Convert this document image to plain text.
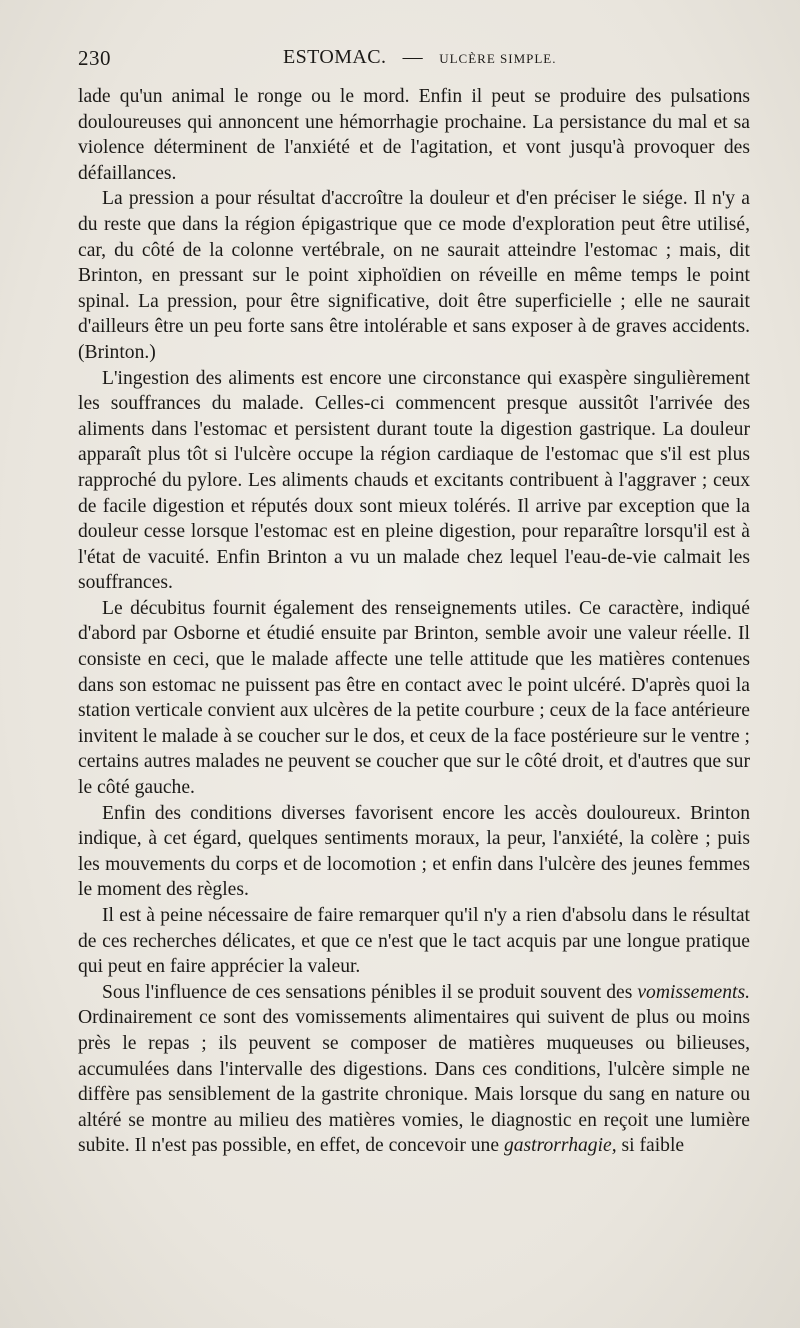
230	ESTOMAC. — ULCÈRE SIMPLE.

lade qu'un animal le ronge ou le mord. Enfin il peut se produire des pulsations douloureuses qui annoncent une hémorrhagie prochaine. La persistance du mal et sa violence déterminent de l'anxiété et de l'agitation, et vont jusqu'à provoquer des défaillances.

La pression a pour résultat d'accroître la douleur et d'en préciser le siége. Il n'y a du reste que dans la région épigastrique que ce mode d'exploration peut être utilisé, car, du côté de la colonne vertébrale, on ne saurait atteindre l'estomac ; mais, dit Brinton, en pressant sur le point xiphoïdien on réveille en même temps le point spinal. La pression, pour être significative, doit être superficielle ; elle ne saurait d'ailleurs être un peu forte sans être intolérable et sans exposer à de graves accidents. (Brinton.)

L'ingestion des aliments est encore une circonstance qui exaspère singulièrement les souffrances du malade. Celles-ci commencent presque aussitôt l'arrivée des aliments dans l'estomac et persistent durant toute la digestion gastrique. La douleur apparaît plus tôt si l'ulcère occupe la région cardiaque de l'estomac que s'il est plus rapproché du pylore. Les aliments chauds et excitants contribuent à l'aggraver ; ceux de facile digestion et réputés doux sont mieux tolérés. Il arrive par exception que la douleur cesse lorsque l'estomac est en pleine digestion, pour reparaître lorsqu'il est à l'état de vacuité. Enfin Brinton a vu un malade chez lequel l'eau-de-vie calmait les souffrances.

Le décubitus fournit également des renseignements utiles. Ce caractère, indiqué d'abord par Osborne et étudié ensuite par Brinton, semble avoir une valeur réelle. Il consiste en ceci, que le malade affecte une telle attitude que les matières contenues dans son estomac ne puissent pas être en contact avec le point ulcéré. D'après quoi la station verticale convient aux ulcères de la petite courbure ; ceux de la face antérieure invitent le malade à se coucher sur le dos, et ceux de la face postérieure sur le ventre ; certains autres malades ne peuvent se coucher que sur le côté droit, et d'autres que sur le côté gauche.

Enfin des conditions diverses favorisent encore les accès douloureux. Brinton indique, à cet égard, quelques sentiments moraux, la peur, l'anxiété, la colère ; puis les mouvements du corps et de locomotion ; et enfin dans l'ulcère des jeunes femmes le moment des règles.

Il est à peine nécessaire de faire remarquer qu'il n'y a rien d'absolu dans le résultat de ces recherches délicates, et que ce n'est que le tact acquis par une longue pratique qui peut en faire apprécier la valeur.

Sous l'influence de ces sensations pénibles il se produit souvent des vomissements. Ordinairement ce sont des vomissements alimentaires qui suivent de plus ou moins près le repas ; ils peuvent se composer de matières muqueuses ou bilieuses, accumulées dans l'intervalle des digestions. Dans ces conditions, l'ulcère simple ne diffère pas sensiblement de la gastrite chronique. Mais lorsque du sang en nature ou altéré se montre au milieu des matières vomies, le diagnostic en reçoit une lumière subite. Il n'est pas possible, en effet, de concevoir une gastrorrhagie, si faible
